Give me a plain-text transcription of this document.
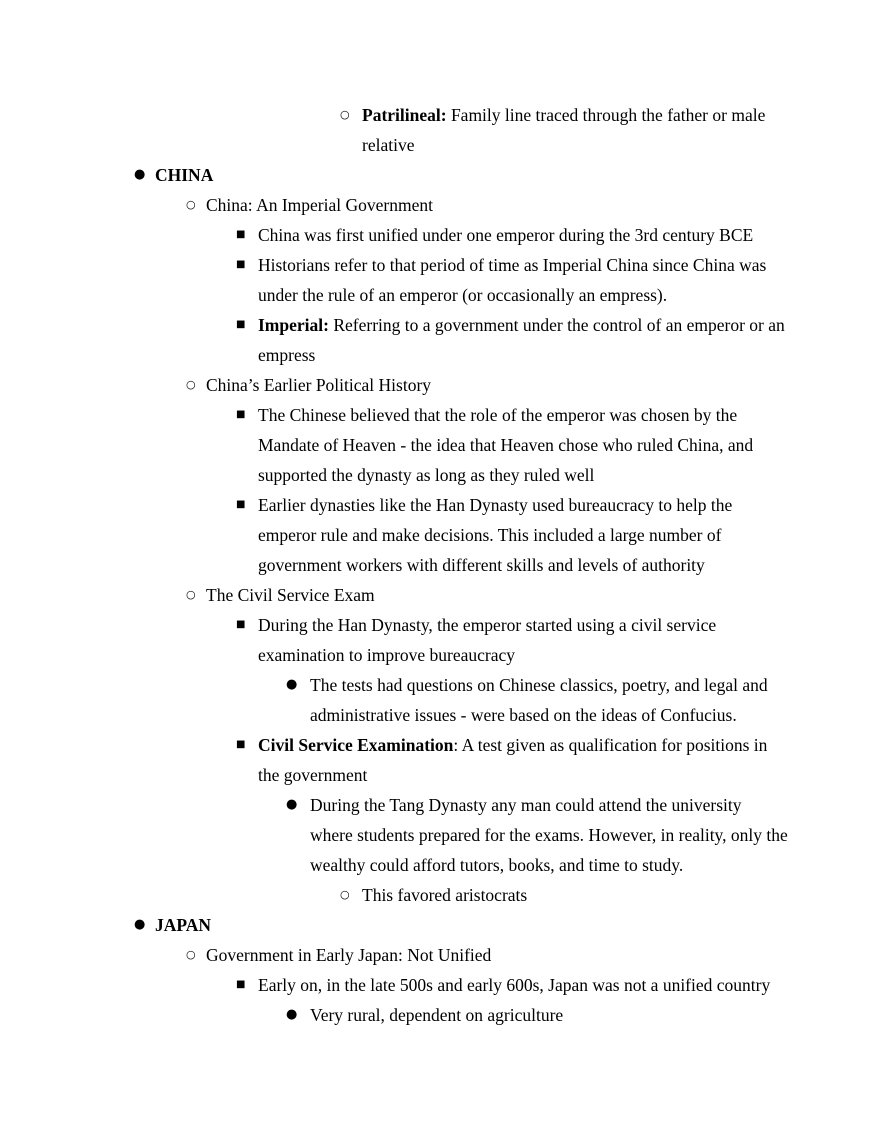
○ Patrilineal: Family line traced through the father or male relative
● CHINA
○ China: An Imperial Government
■ China was first unified under one emperor during the 3rd century BCE
■ Historians refer to that period of time as Imperial China since China was under the rule of an emperor (or occasionally an empress).
■ Imperial: Referring to a government under the control of an emperor or an empress
○ China’s Earlier Political History
■ The Chinese believed that the role of the emperor was chosen by the Mandate of Heaven - the idea that Heaven chose who ruled China, and supported the dynasty as long as they ruled well
■ Earlier dynasties like the Han Dynasty used bureaucracy to help the emperor rule and make decisions. This included a large number of government workers with different skills and levels of authority
○ The Civil Service Exam
■ During the Han Dynasty, the emperor started using a civil service examination to improve bureaucracy
● The tests had questions on Chinese classics, poetry, and legal and administrative issues - were based on the ideas of Confucius.
■ Civil Service Examination: A test given as qualification for positions in the government
● During the Tang Dynasty any man could attend the university where students prepared for the exams. However, in reality, only the wealthy could afford tutors, books, and time to study.
○ This favored aristocrats
● JAPAN
○ Government in Early Japan: Not Unified
■ Early on, in the late 500s and early 600s, Japan was not a unified country
● Very rural, dependent on agriculture
